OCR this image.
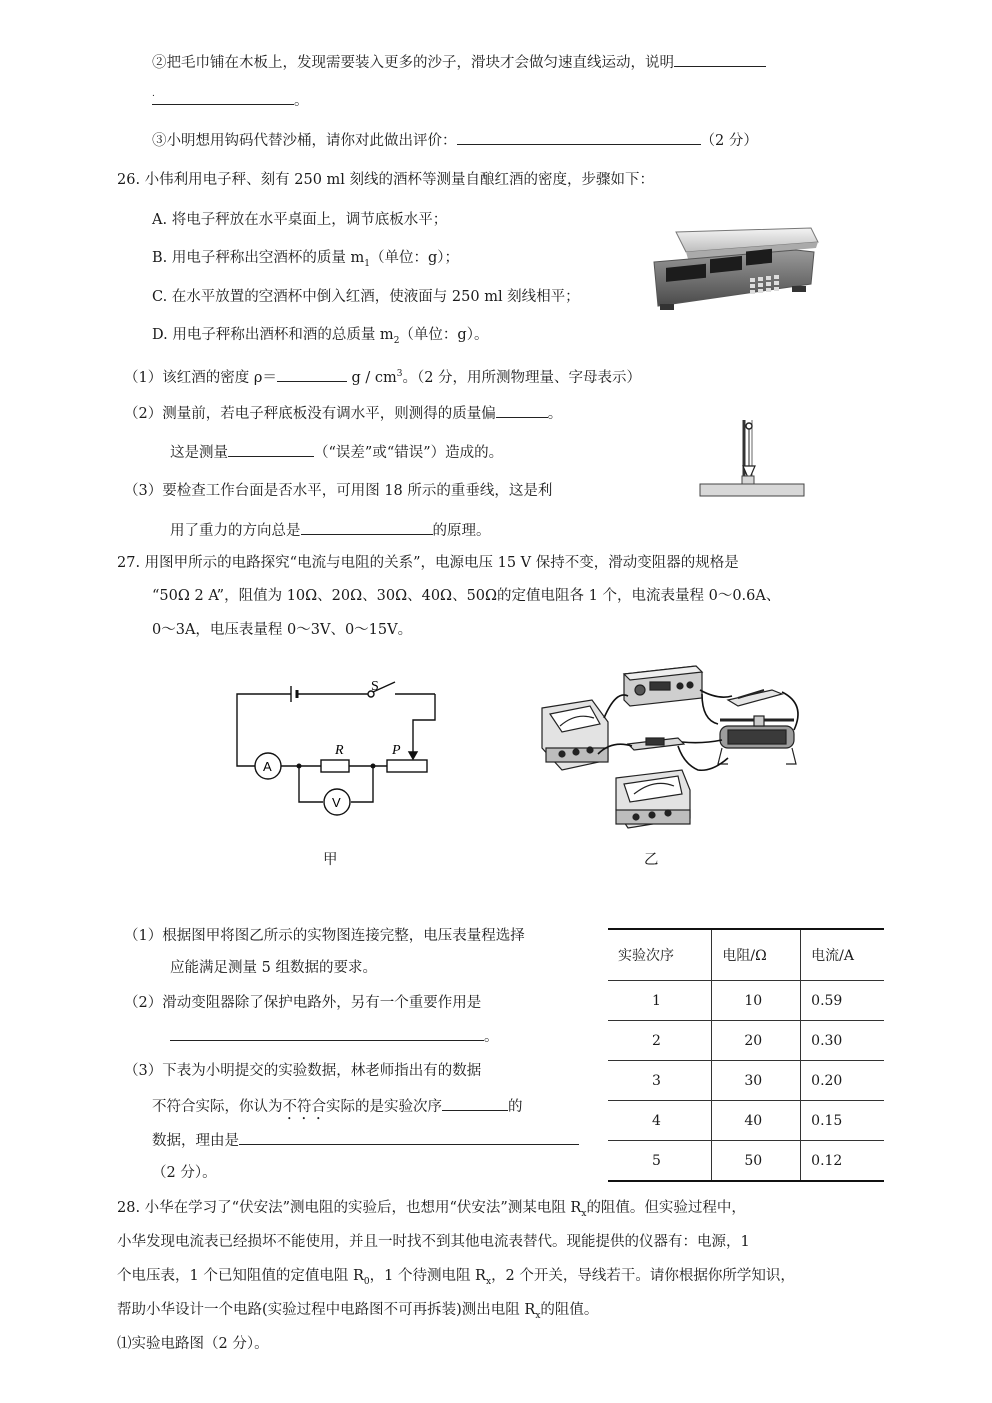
②把毛巾铺在木板上，发现需要装入更多的沙子，滑块才会做匀速直线运动，说明
.	。
③小明想用钩码代替沙桶，请你对此做出评价：	（2 分）
26. 小伟利用电子秤、刻有 250 ml 刻线的酒杯等测量自酿红酒的密度，步骤如下：
A. 将电子秤放在水平桌面上，调节底板水平；
B. 用电子秤称出空酒杯的质量 $m_1$（单位：g）；
C. 在水平放置的空酒杯中倒入红酒，使液面与 250 ml 刻线相平；
D. 用电子秤称出酒杯和酒的总质量 $m_2$（单位：g）。
（1）该红酒的密度 ρ＝	g / $cm^3$。（2 分，用所测物理量、字母表示）
（2）测量前，若电子秤底板没有调水平，则测得的质量偏	。
这是测量	（“误差”或“错误”）造成的。
（3）要检查工作台面是否水平，可用图 18 所示的重垂线，这是利
用了重力的方向总是	的原理。
27. 用图甲所示的电路探究“电流与电阻的关系”，电源电压 15 V 保持不变，滑动变阻器的规格是
“50Ω 2 A”，阻值为 10Ω、20Ω、30Ω、40Ω、50Ω的定值电阻各 1 个，电流表量程 0～0.6A、
0～3A，电压表量程 0～3V、0～15V。
S
R	P
A
V
甲	乙
（1）根据图甲将图乙所示的实物图连接完整，电压表量程选择
应能满足测量 5 组数据的要求。
（2）滑动变阻器除了保护电路外，另有一个重要作用是
。
（3）下表为小明提交的实验数据，林老师指出有的数据
不符合实际，你认为不符合实际的是实验次序	的
数据，理由是
（2 分）。
实验次序	电阻/Ω	电流/A
1	10	0.59
2	20	0.30
3	30	0.20
4	40	0.15
5	50	0.12
28. 小华在学习了“伏安法”测电阻的实验后，也想用“伏安法”测某电阻 $R_x$的阻值。但实验过程中，
小华发现电流表已经损坏不能使用，并且一时找不到其他电流表替代。现能提供的仪器有：电源，1
个电压表，1 个已知阻值的定值电阻 $R_0$，1 个待测电阻 $R_x$，2 个开关，导线若干。请你根据你所学知识，
帮助小华设计一个电路(实验过程中电路图不可再拆装)测出电阻 $R_x$的阻值。
⑴实验电路图（2 分）。
